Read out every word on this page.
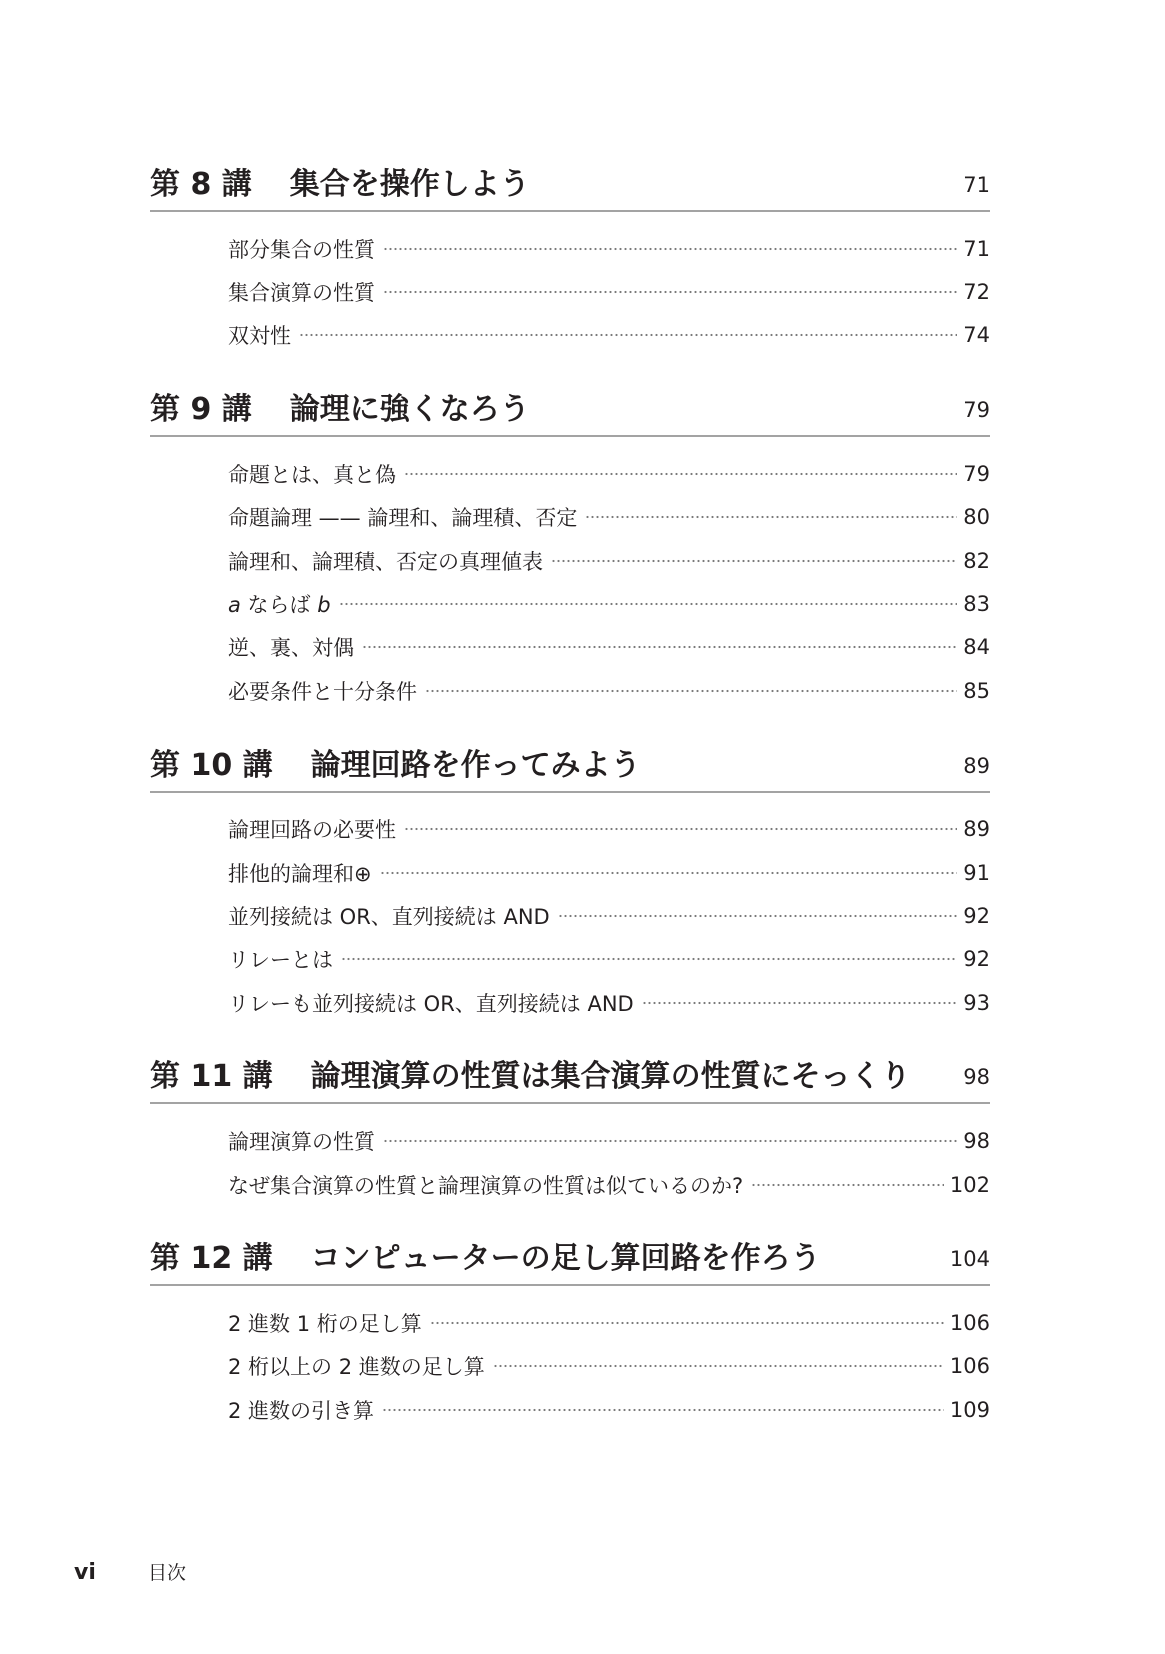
第 8 講 集合を操作しよう	71
部分集合の性質	71
集合演算の性質	72
双対性	74
第 9 講 論理に強くなろう	79
命題とは、真と偽	79
命題論理 —— 論理和、論理積、否定	80
論理和、論理積、否定の真理値表	82
a ならば b	83
逆、裏、対偶	84
必要条件と十分条件	85
第 10 講 論理回路を作ってみよう	89
論理回路の必要性	89
排他的論理和⊕	91
並列接続は OR、直列接続は AND	92
リレーとは	92
リレーも並列接続は OR、直列接続は AND	93
第 11 講 論理演算の性質は集合演算の性質にそっくり	98
論理演算の性質	98
なぜ集合演算の性質と論理演算の性質は似ているのか?	102
第 12 講 コンピューターの足し算回路を作ろう	104
2 進数 1 桁の足し算	106
2 桁以上の 2 進数の足し算	106
2 進数の引き算	109
vi	目次
